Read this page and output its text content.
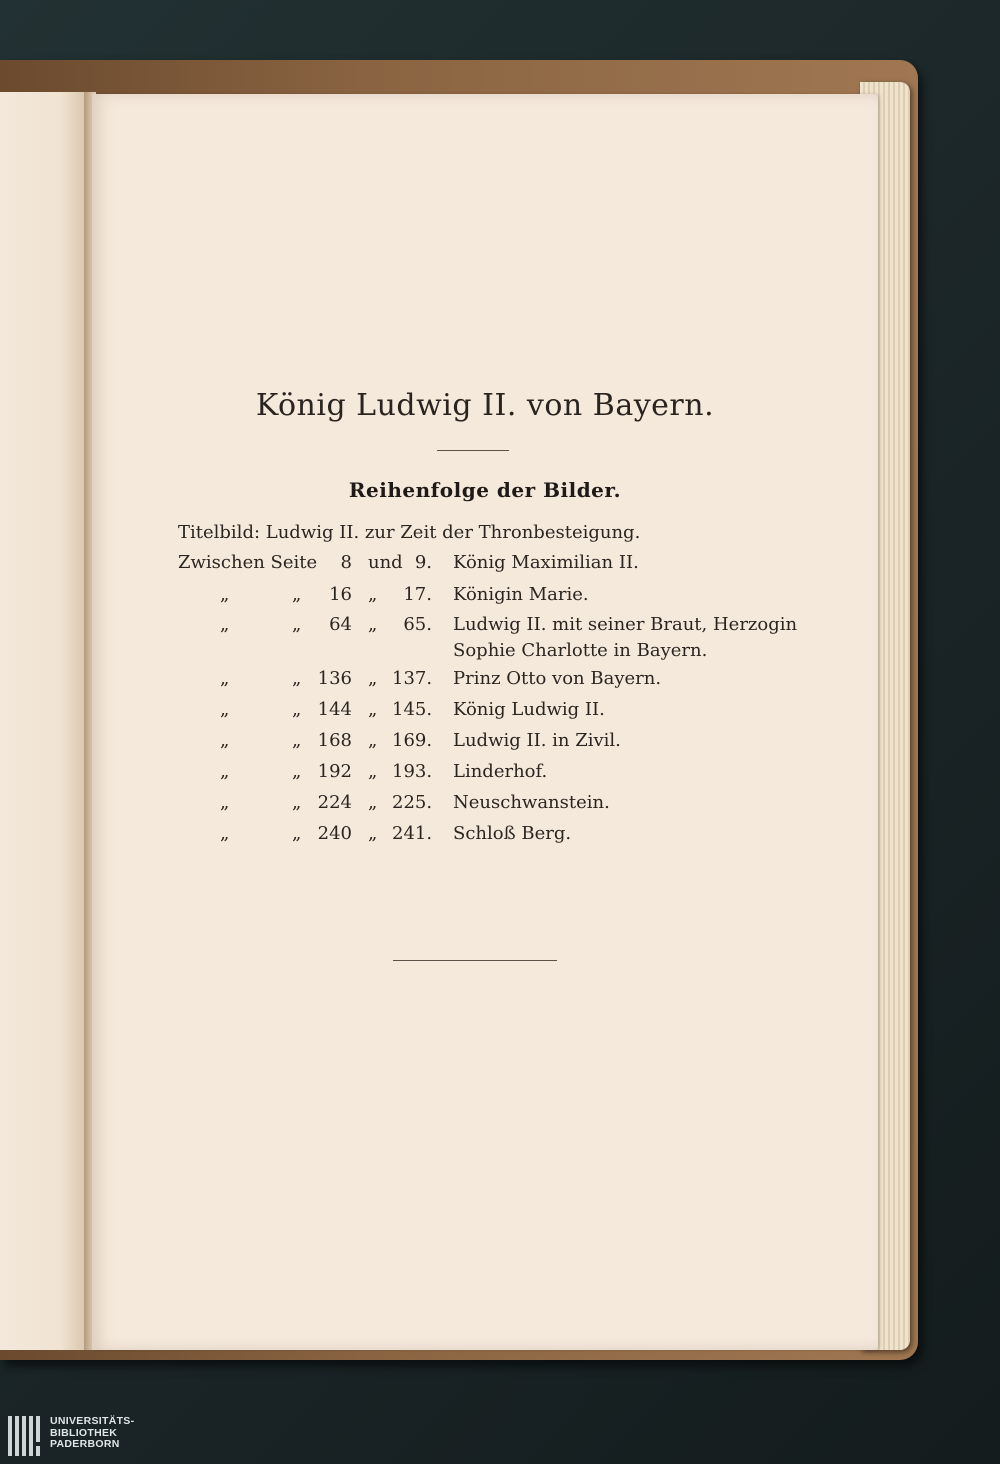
König Ludwig II. von Bayern.
Reihenfolge der Bilder.
Titelbild: Ludwig II. zur Zeit der Thronbesteigung.
Zwischen Seite	8 und 9. König Maximilian II.
„	„	16 „	17. Königin Marie.
„	„	64 „	65. Ludwig II. mit seiner Braut, Herzogin
Sophie Charlotte in Bayern.
„	„ 136 „ 137. Prinz Otto von Bayern.
„	„ 144 „ 145. König Ludwig II.
„	„ 168 „ 169. Ludwig II. in Zivil.
„	„ 192 „ 193. Linderhof.
„	„ 224 „ 225. Neuschwanstein.
„	„ 240 „ 241. Schloß Berg.
UNIVERSITÄTS-
BIBLIOTHEK
PADERBORN
